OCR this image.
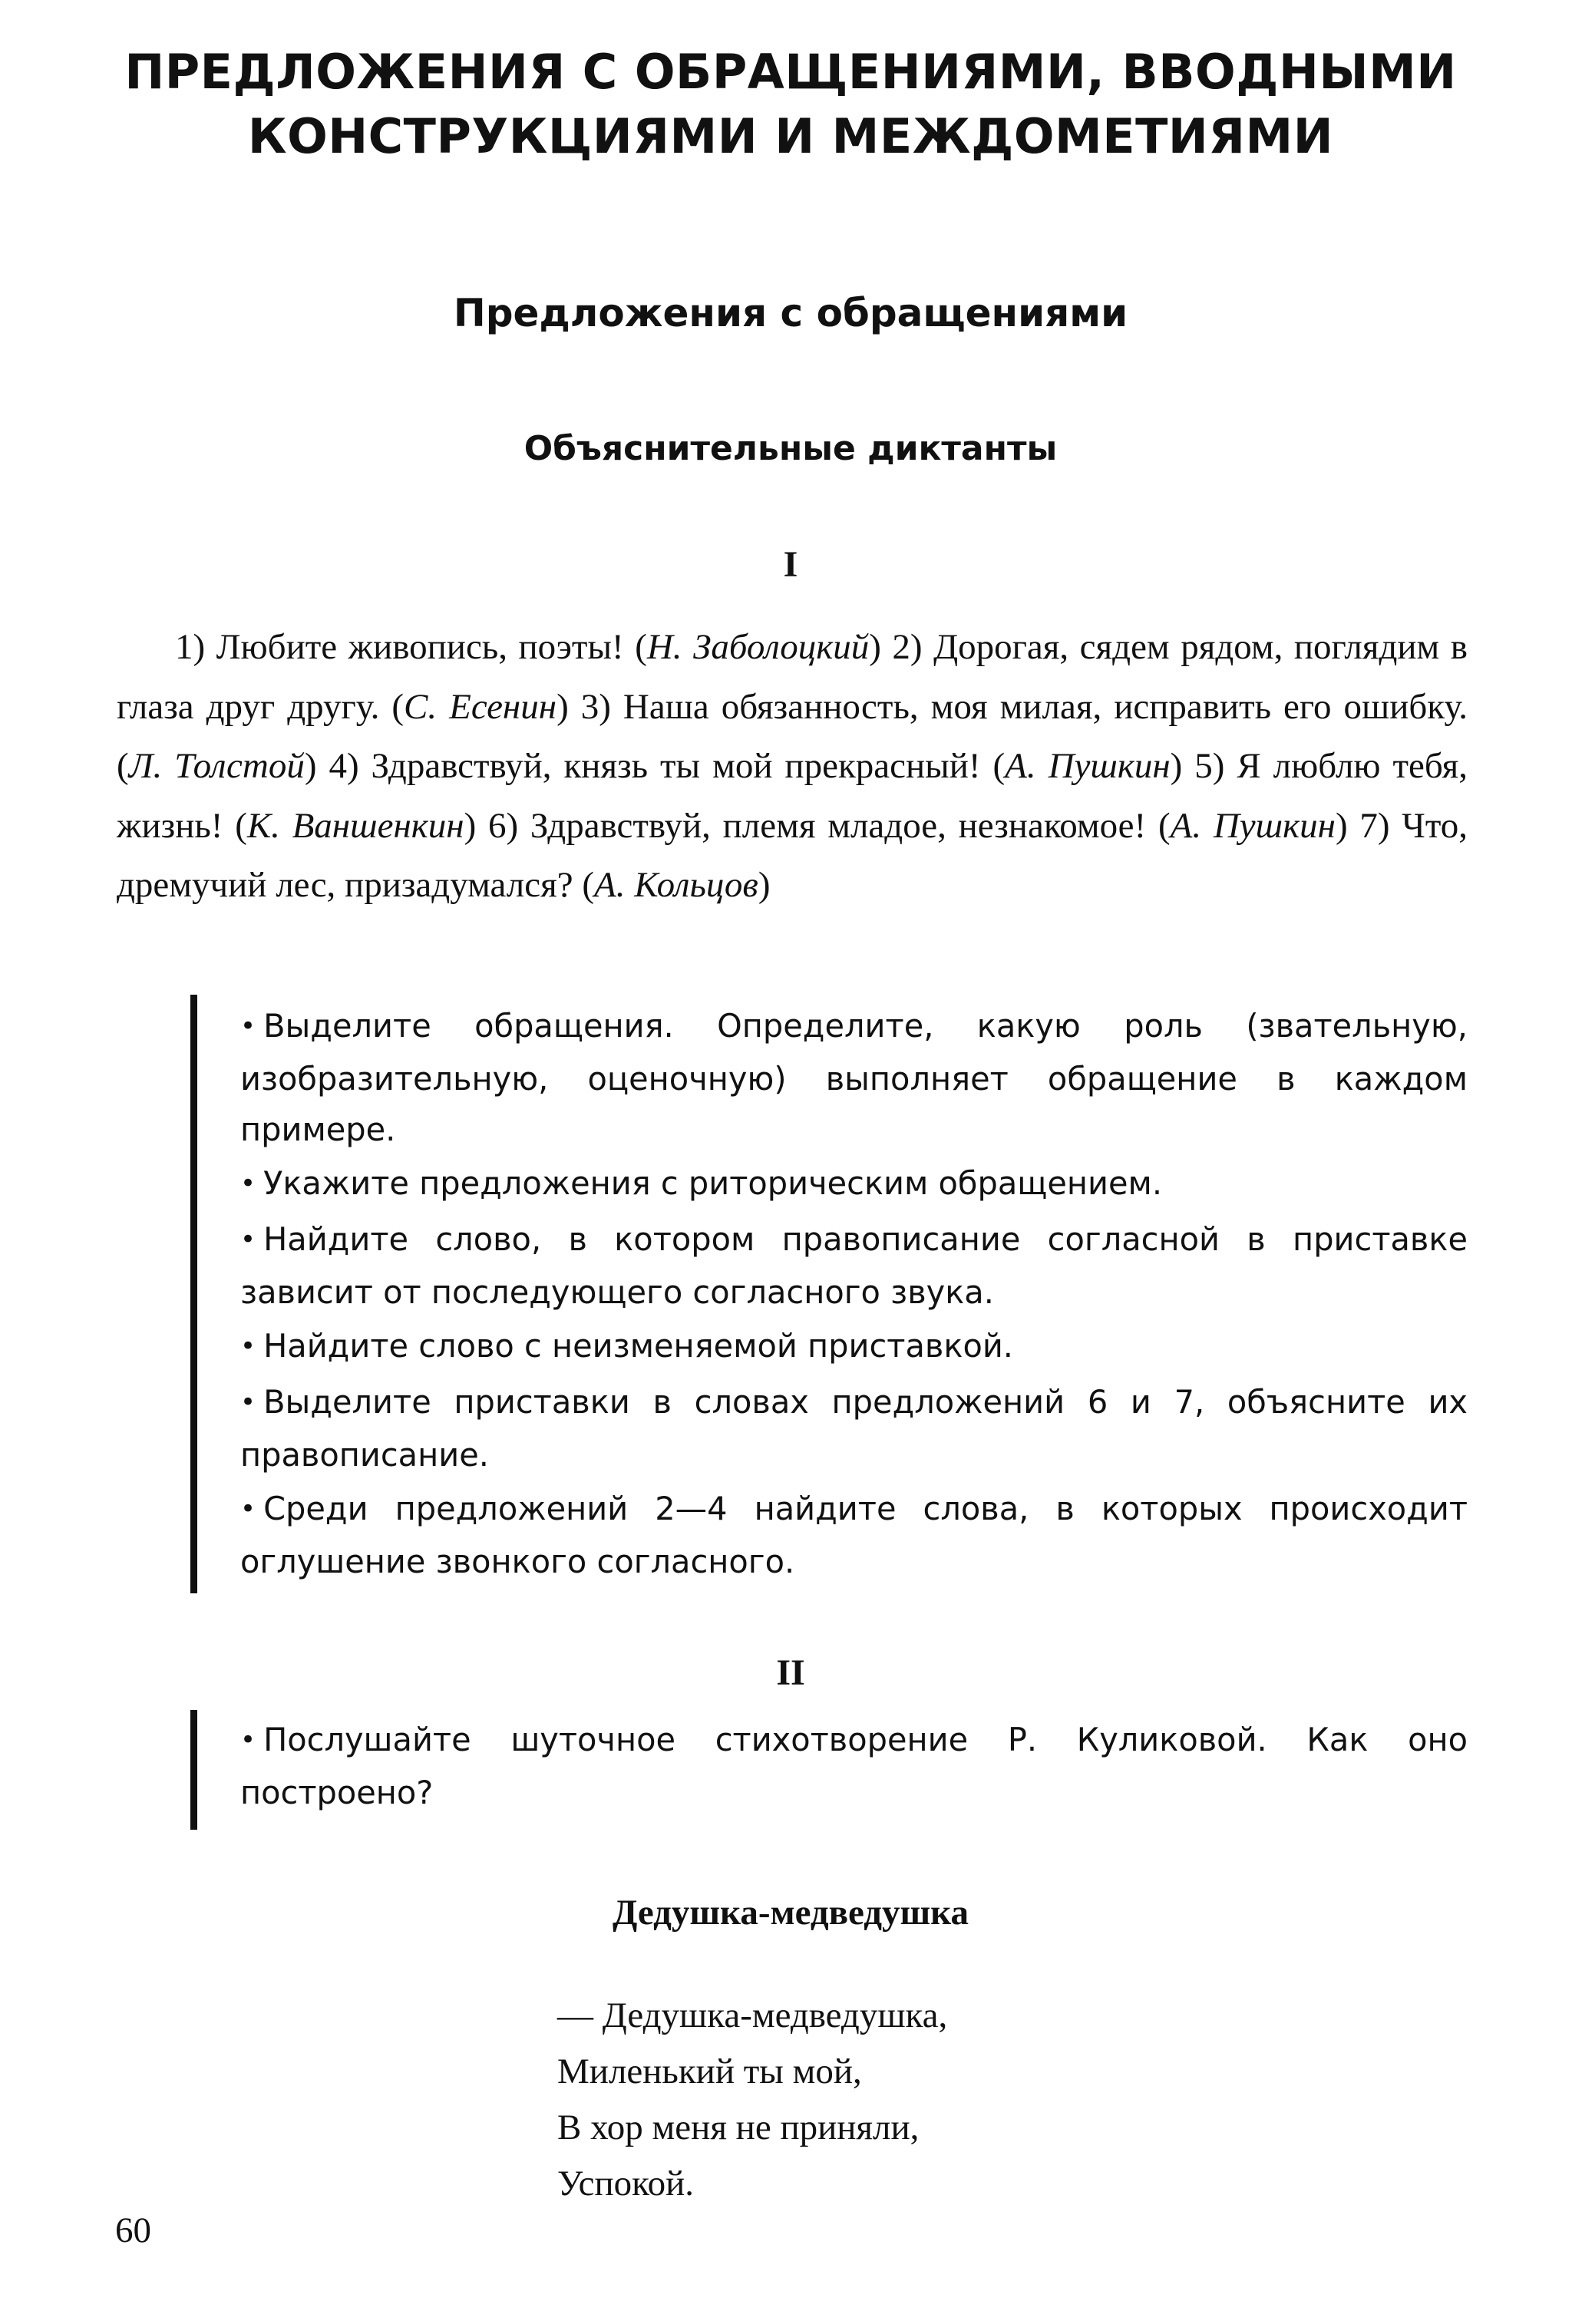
ПРЕДЛОЖЕНИЯ С ОБРАЩЕНИЯМИ, ВВОДНЫМИ
КОНСТРУКЦИЯМИ И МЕЖДОМЕТИЯМИ
Предложения с обращениями
Объяснительные диктанты
I

1) Любите живопись, поэты! (Н. Заболоцкий) 2) Дорогая, сядем рядом, поглядим в глаза друг другу. (С. Есенин) 3) Наша обязанность, моя милая, исправить его ошибку. (Л. Толстой) 4) Здравствуй, князь ты мой прекрасный! (А. Пушкин) 5) Я люблю тебя, жизнь! (К. Ваншенкин) 6) Здравствуй, племя младое, незнакомое! (А. Пушкин) 7) Что, дремучий лес, призадумался? (А. Кольцов)

• Выделите обращения. Определите, какую роль (звательную, изобразительную, оценочную) выполняет обращение в каждом примере.
• Укажите предложения с риторическим обращением.
• Найдите слово, в котором правописание согласной в приставке зависит от последующего согласного звука.
• Найдите слово с неизменяемой приставкой.
• Выделите приставки в словах предложений 6 и 7, объясните их правописание.
• Среди предложений 2—4 найдите слова, в которых происходит оглушение звонкого согласного.
II
• Послушайте шуточное стихотворение Р. Куликовой. Как оно построено?
Дедушка-медведушка
— Дедушка-медведушка,
Миленький ты мой,
В хор меня не приняли,
Успокой.
60
